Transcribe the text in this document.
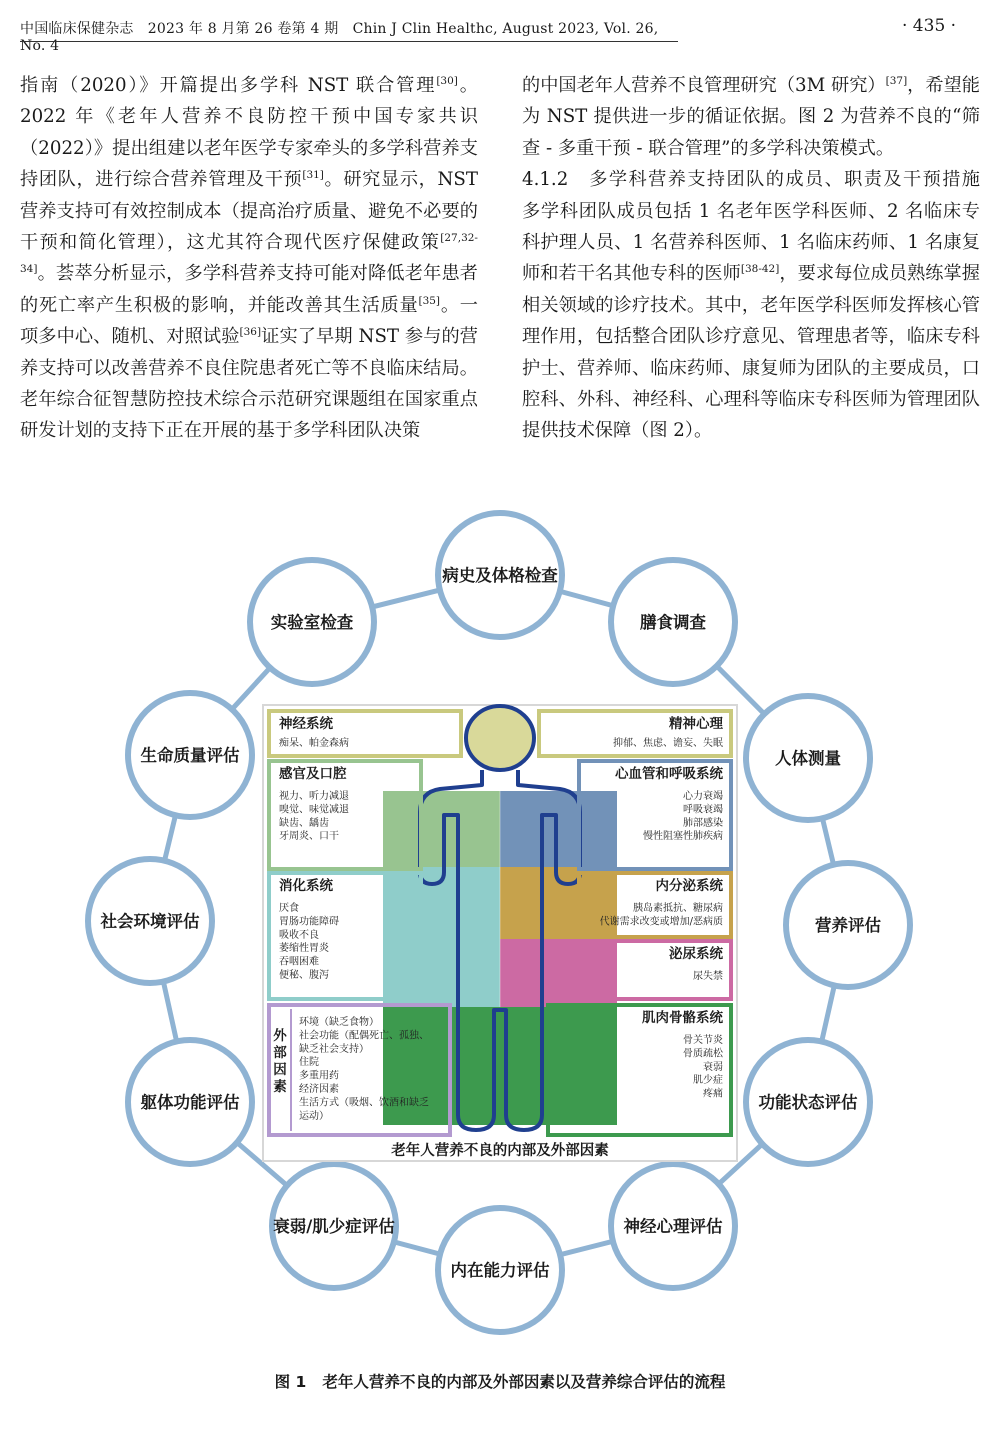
中国临床保健杂志　2023 年 8 月第 26 卷第 4 期　Chin J Clin Healthc, August 2023, Vol. 26, No. 4
· 435 ·

指南（2020）》开篇提出多学科 NST 联合管理[30]。2022 年《老年人营养不良防控干预中国专家共识（2022）》提出组建以老年医学专家牵头的多学科营养支持团队，进行综合营养管理及干预[31]。研究显示，NST 营养支持可有效控制成本（提高治疗质量、避免不必要的干预和简化管理），这尤其符合现代医疗保健政策[27,32-34]。荟萃分析显示，多学科营养支持可能对降低老年患者的死亡率产生积极的影响，并能改善其生活质量[35]。一项多中心、随机、对照试验[36]证实了早期 NST 参与的营养支持可以改善营养不良住院患者死亡等不良临床结局。老年综合征智慧防控技术综合示范研究课题组在国家重点研发计划的支持下正在开展的基于多学科团队决策

的中国老年人营养不良管理研究（3M 研究）[37]，希望能为 NST 提供进一步的循证依据。图 2 为营养不良的“筛查 - 多重干预 - 联合管理”的多学科决策模式。

4.1.2　多学科营养支持团队的成员、职责及干预措施　多学科团队成员包括 1 名老年医学科医师、2 名临床专科护理人员、1 名营养科医师、1 名临床药师、1 名康复师和若干名其他专科的医师[38-42]，要求每位成员熟练掌握相关领域的诊疗技术。其中，老年医学科医师发挥核心管理作用，包括整合团队诊疗意见、管理患者等，临床专科护士、营养师、临床药师、康复师为团队的主要成员，口腔科、外科、神经科、心理科等临床专科医师为管理团队提供技术保障（图 2）。

病史及体格检查
膳食调查
人体测量
营养评估
功能状态评估
神经心理评估
内在能力评估
衰弱/肌少症评估
躯体功能评估
社会环境评估
生命质量评估
实验室检查
神经系统
痴呆、帕金森病
精神心理
抑郁、焦虑、谵妄、失眠
感官及口腔
视力、听力减退
嗅觉、味觉减退
缺齿、龋齿
牙周炎、口干
心血管和呼吸系统
心力衰竭
呼吸衰竭
肺部感染
慢性阻塞性肺疾病
消化系统
厌食
胃肠功能障碍
吸收不良
萎缩性胃炎
吞咽困难
便秘、腹泻
内分泌系统
胰岛素抵抗、糖尿病
代谢需求改变或增加/恶病质
泌尿系统
尿失禁
外部因素
环境（缺乏食物）
社会功能（配偶死亡、孤独、
缺乏社会支持）
住院
多重用药
经济因素
生活方式（吸烟、饮酒和缺乏
运动）
肌肉骨骼系统
骨关节炎
骨质疏松
衰弱
肌少症
疼痛
老年人营养不良的内部及外部因素
图 1 老年人营养不良的内部及外部因素以及营养综合评估的流程
